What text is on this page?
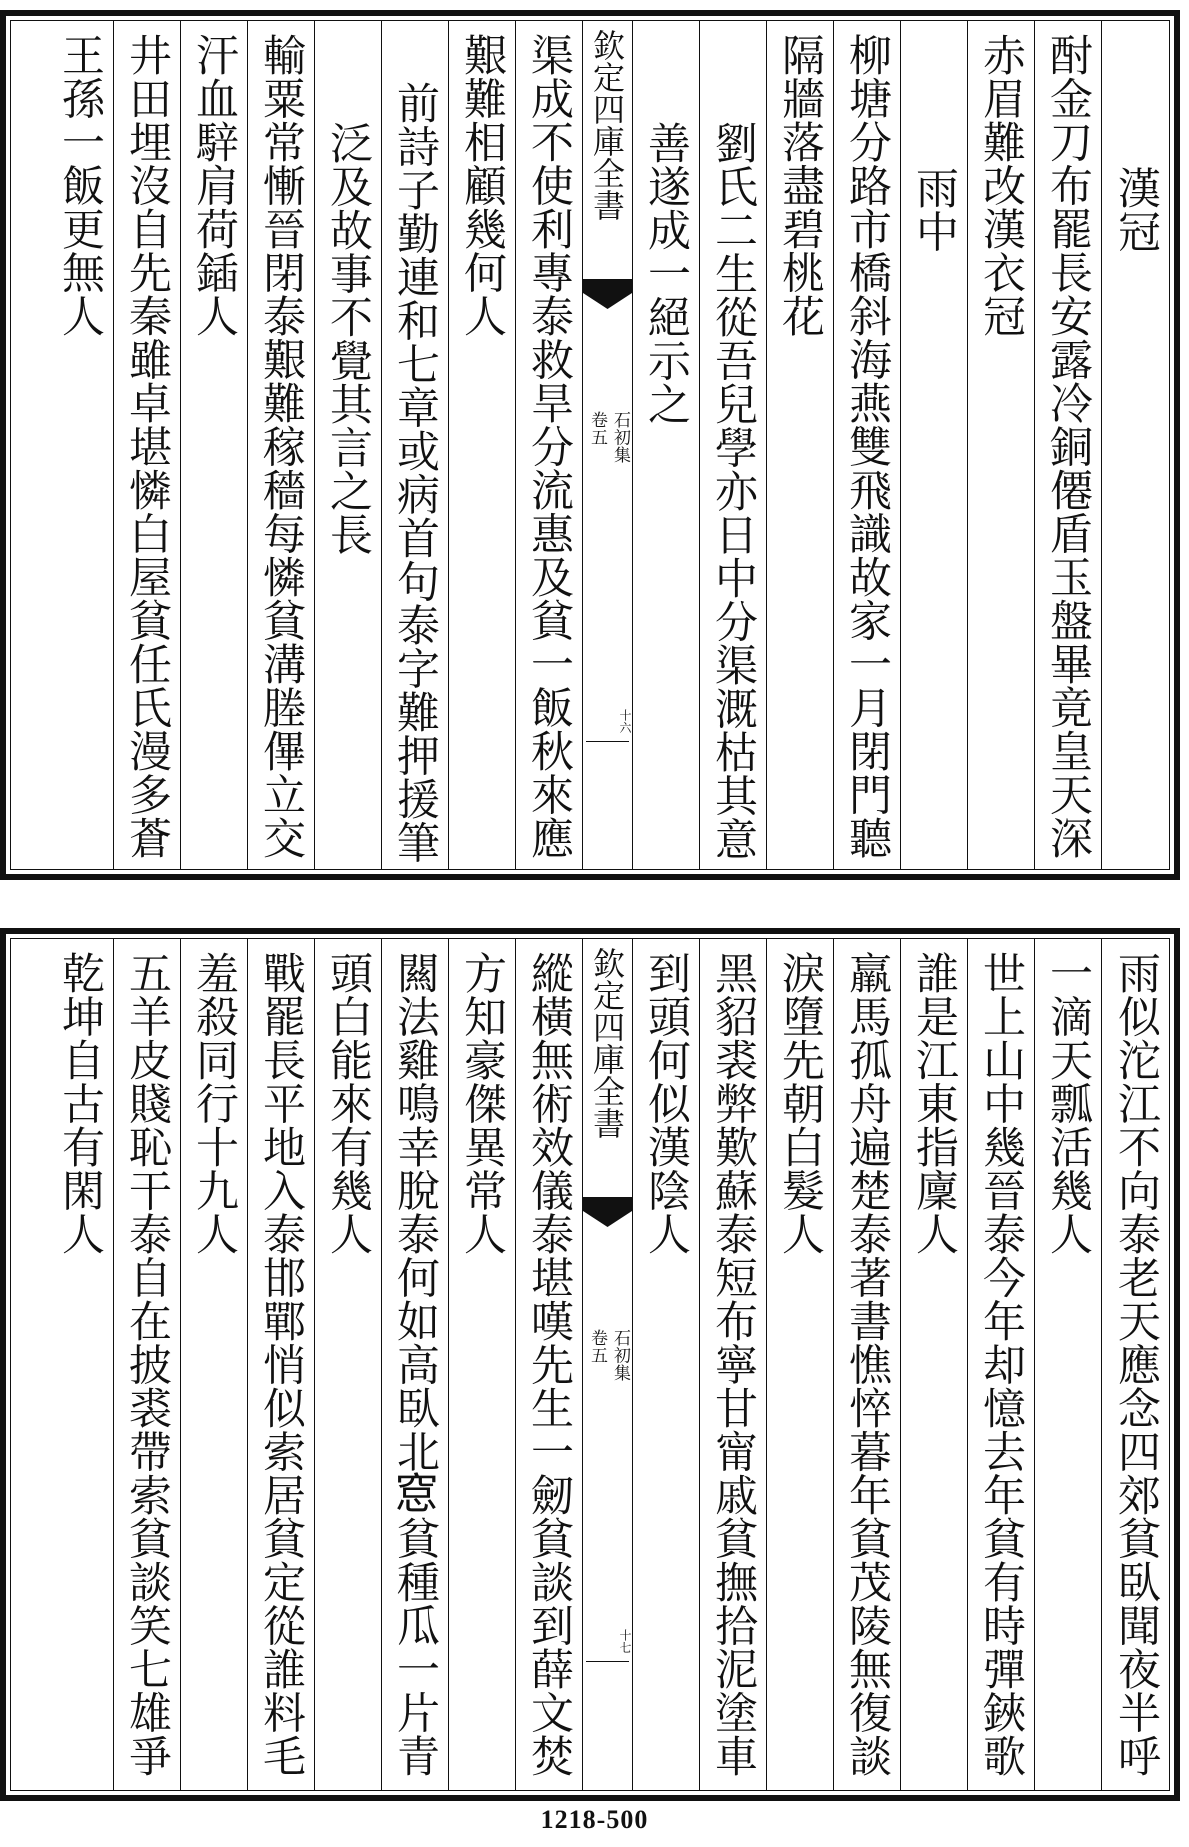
漢冠
酎金刀布罷長安露冷銅僊盾玉盤畢竟皇天深
赤眉難改漢衣冠
雨中
柳塘分路市橋斜海燕雙飛識故家一月閉門聽
隔牆落盡碧桃花
劉氏二生從吾兒學亦日中分渠溉枯其意
善遂成一絕示之
欽定四庫全書
石初集
卷五
十六
渠成不使利專泰救旱分流惠及貧一飯秋來應
艱難相顧幾何人
前詩子勤連和七章或病首句泰字難押援筆
泛及故事不覺其言之長
輸粟常慚晉閉泰艱難稼穡每憐貧溝塍𠌫立交
汗血騂肩荷鍤人
井田埋沒自先秦雖卓堪憐白屋貧任氏漫多蒼
王孫一飯更無人
雨似沱江不向泰老天應念四郊貧臥聞夜半呼
一滴天瓢活幾人
世上山中幾晉泰今年却憶去年貧有時彈鋏歌
誰是江東指廩人
羸馬孤舟遍楚泰著書憔悴暮年貧茂陵無復談
淚墮先朝白髮人
黑貂裘弊歎蘇泰短布寧甘甯戚貧撫拾泥塗車
到頭何似漢陰人
欽定四庫全書
石初集
卷五
十七
縱橫無術效儀泰堪嘆先生一劒貧談到薛文焚
方知豪傑異常人
闗法雞鳴幸脫泰何如高臥北𥦗貧種瓜一片青
頭白能來有幾人
戰罷長平地入泰邯鄲悄似索居貧定從誰料毛
羞殺同行十九人
五羊皮賤恥干泰自在披裘帶索貧談笑七雄爭
乾坤自古有閑人
1218-500
